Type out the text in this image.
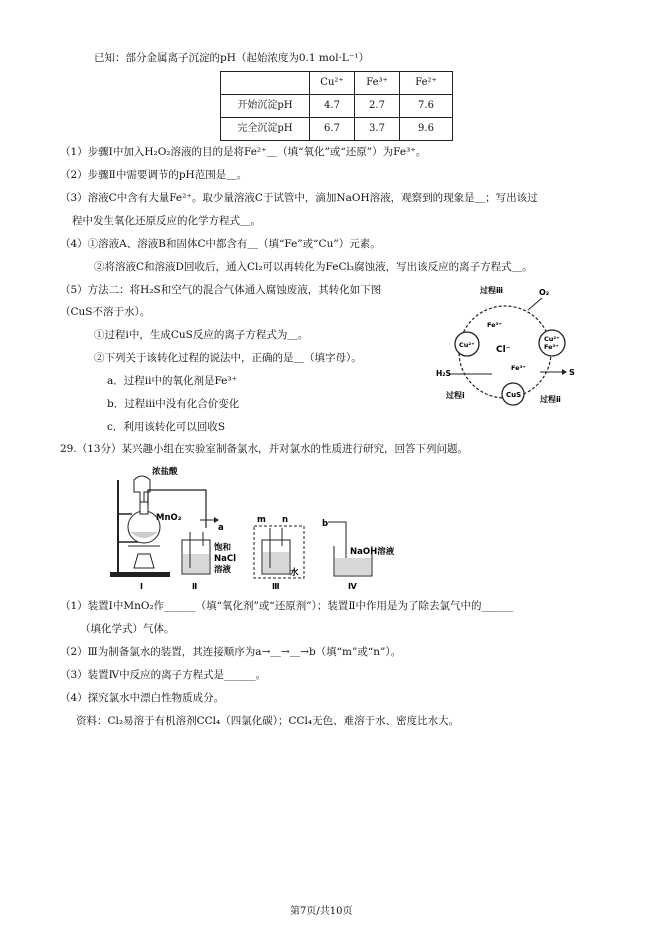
已知：部分金属离子沉淀的pH（起始浓度为0.1 mol·L⁻¹）
	Cu²⁺	Fe³⁺	Fe²⁺
开始沉淀pH	4.7	2.7	7.6
完全沉淀pH	6.7	3.7	9.6
（1）步骤Ⅰ中加入H₂O₂溶液的目的是将Fe²⁺＿（填“氧化”或“还原”）为Fe³⁺。
（2）步骤Ⅱ中需要调节的pH范围是＿。
（3）溶液C中含有大量Fe²⁺。取少量溶液C于试管中，滴加NaOH溶液，观察到的现象是＿；写出该过
程中发生氧化还原反应的化学方程式＿。
（4）①溶液A、溶液B和固体C中都含有＿（填“Fe”或“Cu”）元素。
②将溶液C和溶液D回收后，通入Cl₂可以再转化为FeCl₃腐蚀液，写出该反应的离子方程式＿。
（5）方法二：将H₂S和空气的混合气体通入腐蚀废液，其转化如下图
（CuS不溶于水）。
①过程ⅰ中，生成CuS反应的离子方程式为＿。
②下列关于该转化过程的说法中，正确的是＿（填字母）。
a．过程ⅱ中的氧化剂是Fe³⁺
b．过程ⅲ中没有化合价变化
c．利用该转化可以回收S
过程ⅲ	O₂
Fe³⁺
Cu²⁺ Cl⁻
Cu²⁺
Fe²⁺
H₂S
Fe³⁺	S
过程ⅰ	CuS 过程ⅱ
29.（13分）某兴趣小组在实验室制备氯水，并对氯水的性质进行研究，回答下列问题。
浓盐酸
MnO₂
a
m n	b
饱和
NaCl
溶液	水
NaOH溶液
Ⅰ	Ⅱ	Ⅲ	Ⅳ
（1）装置Ⅰ中MnO₂作______（填“氧化剂”或“还原剂”）；装置Ⅱ中作用是为了除去氯气中的______
（填化学式）气体。
（2）Ⅲ为制备氯水的装置，其连接顺序为a→＿→＿→b（填“m”或“n”）。
（3）装置Ⅳ中反应的离子方程式是______。
（4）探究氯水中漂白性物质成分。
资料：Cl₂易溶于有机溶剂CCl₄（四氯化碳）；CCl₄无色、难溶于水、密度比水大。
第7页/共10页
